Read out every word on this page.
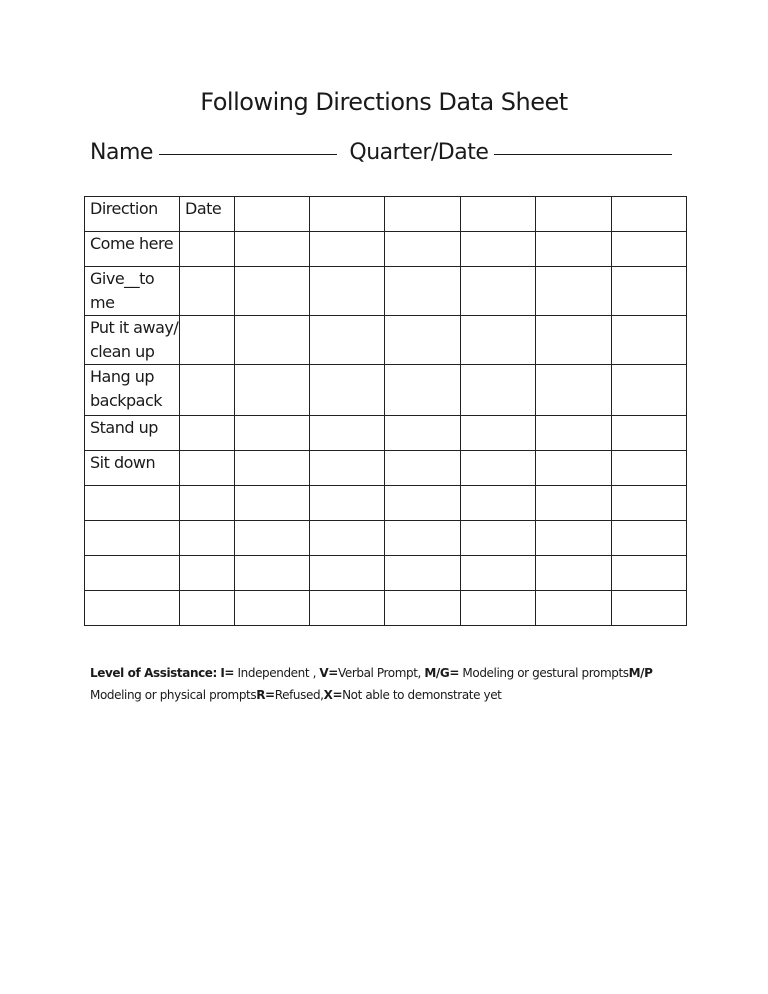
Following Directions Data Sheet
Name	Quarter/Date
Direction	Date						
Come here							
Give__to me							
Put it away/ clean up							
Hang up backpack							
Stand up							
Sit down							

Level of Assistance: I= Independent , V=Verbal Prompt, M/G= Modeling or gestural promptsM/P Modeling or physical promptsR=Refused,X=Not able to demonstrate yet
